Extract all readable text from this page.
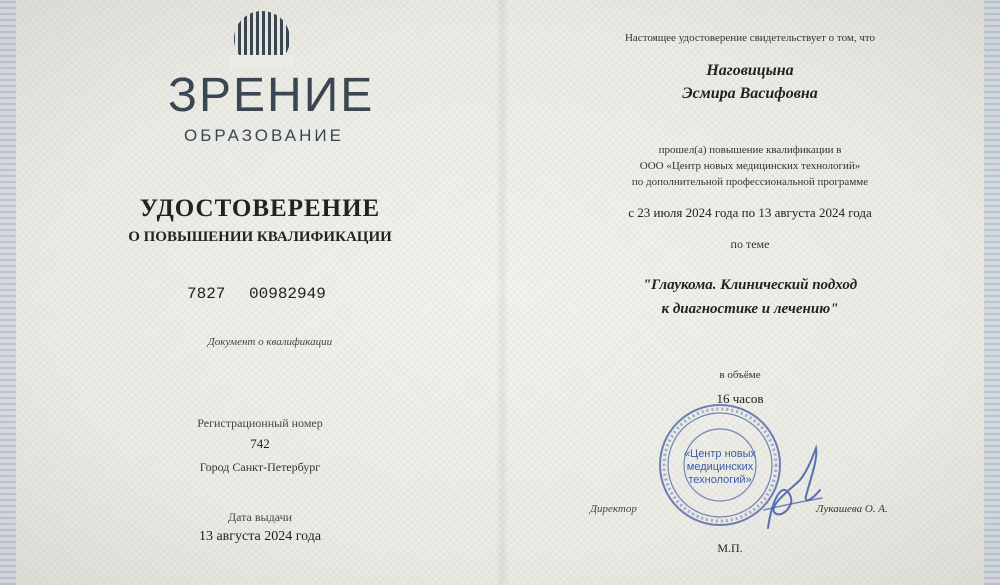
ЗРЕНИЕ
ОБРАЗОВАНИЕ
УДОСТОВЕРЕНИЕ
О ПОВЫШЕНИИ КВАЛИФИКАЦИИ
7827 00982949
Документ о квалификации
Регистрационный номер
742
Город Санкт-Петербург
Дата выдачи
13 августа 2024 года
Настоящее удостоверение свидетельствует о том, что
Наговицына
Эсмира Васифовна
прошел(а) повышение квалификации в
ООО «Центр новых медицинских технологий»
по дополнительной профессиональной программе
с 23 июля 2024 года по 13 августа 2024 года
по теме
"Глаукома. Клинический подход
к диагностике и лечению"
в объёме
16 часов
«Центр новых
медицинских
технологий»
Директор	Лукашева О. А.
М.П.
